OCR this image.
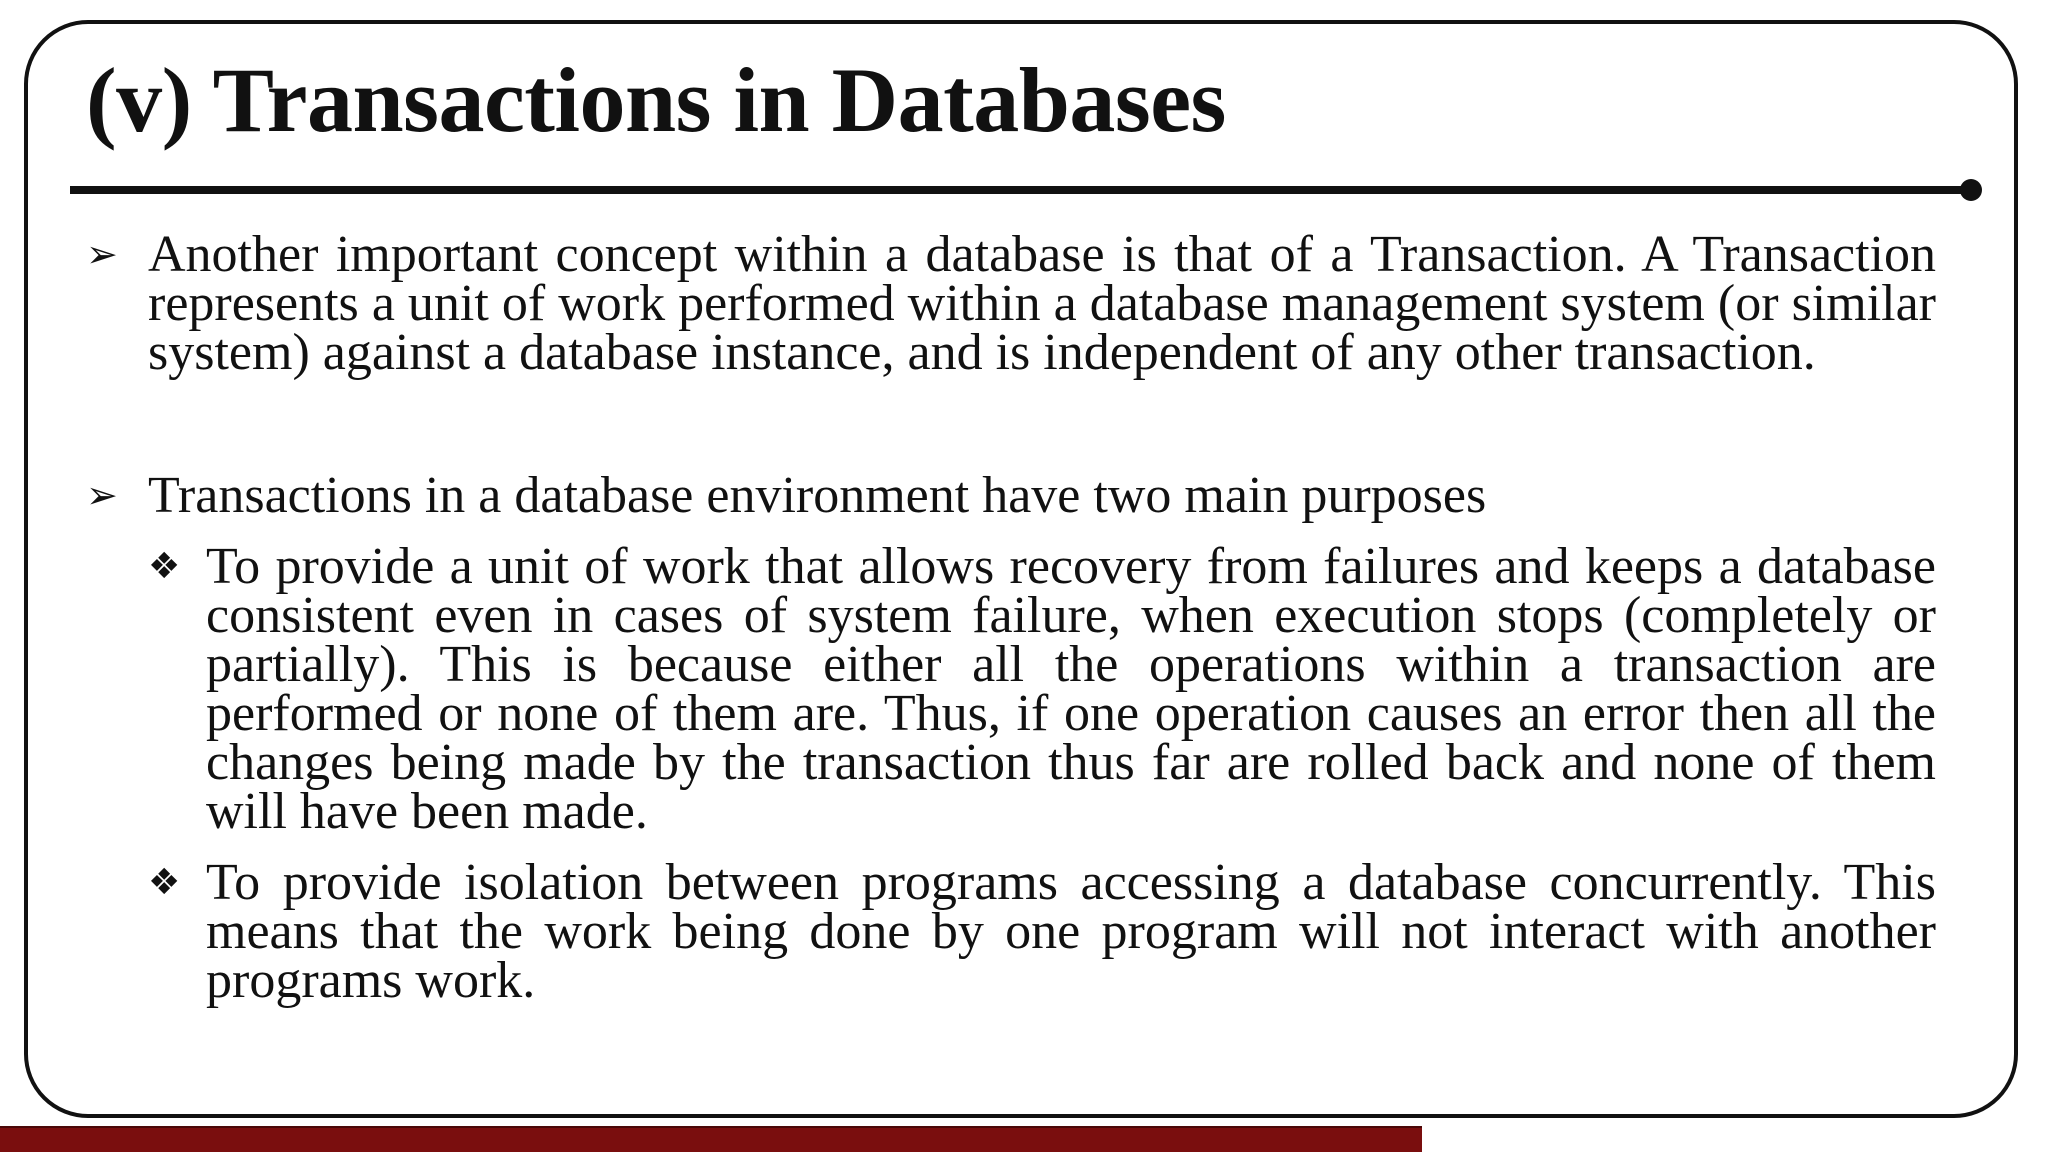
(v) Transactions in Databases

➢ Another important concept within a database is that of a Transaction. A Transaction represents a unit of work performed within a database management system (or similar system) against a database instance, and is independent of any other transaction.

➢ Transactions in a database environment have two main purposes

❖ To provide a unit of work that allows recovery from failures and keeps a database consistent even in cases of system failure, when execution stops (completely or partially). This is because either all the operations within a transaction are performed or none of them are. Thus, if one operation causes an error then all the changes being made by the transaction thus far are rolled back and none of them will have been made.

❖ To provide isolation between programs accessing a database concurrently. This means that the work being done by one program will not interact with another programs work.
